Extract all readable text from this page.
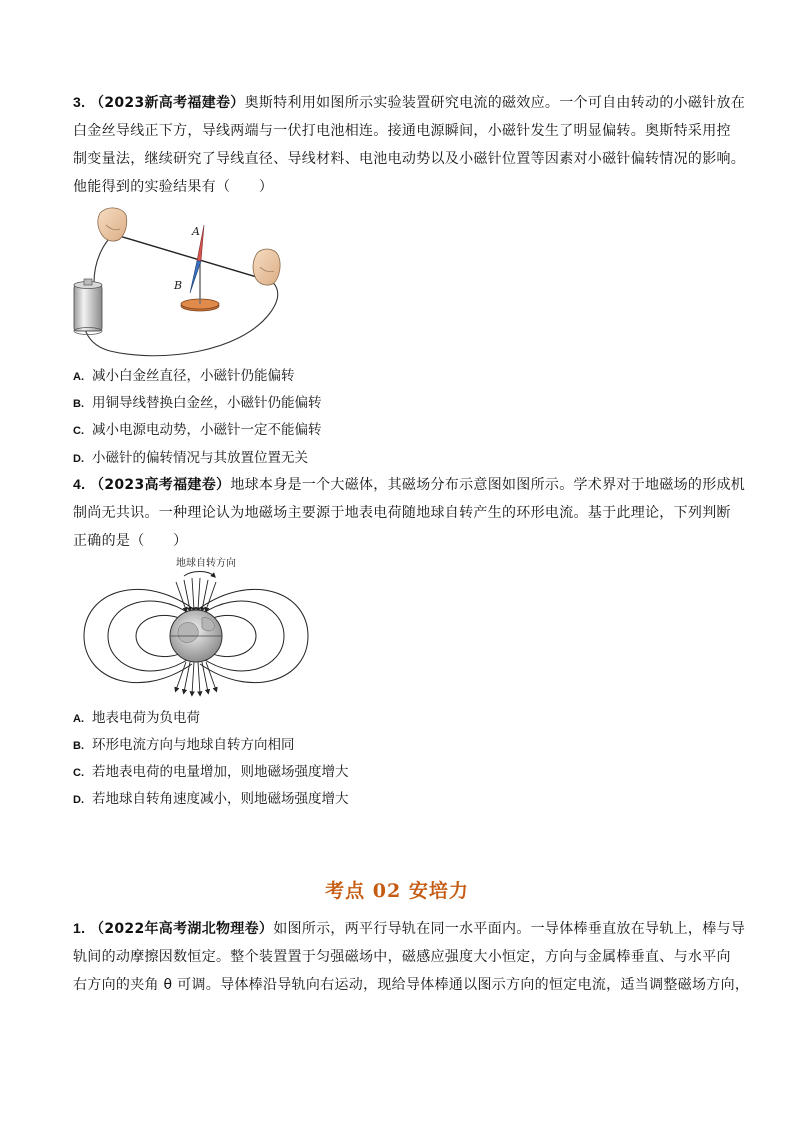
3. （2023新高考福建卷）奥斯特利用如图所示实验装置研究电流的磁效应。一个可自由转动的小磁针放在
白金丝导线正下方，导线两端与一伏打电池相连。接通电源瞬间，小磁针发生了明显偏转。奥斯特采用控
制变量法，继续研究了导线直径、导线材料、电池电动势以及小磁针位置等因素对小磁针偏转情况的影响。
他能得到的实验结果有（　　）
A
B
A. 减小白金丝直径，小磁针仍能偏转
B. 用铜导线替换白金丝，小磁针仍能偏转
C. 减小电源电动势，小磁针一定不能偏转
D. 小磁针的偏转情况与其放置位置无关
4. （2023高考福建卷）地球本身是一个大磁体，其磁场分布示意图如图所示。学术界对于地磁场的形成机
制尚无共识。一种理论认为地磁场主要源于地表电荷随地球自转产生的环形电流。基于此理论，下列判断
正确的是（　　）
地球自转方向
A. 地表电荷为负电荷
B. 环形电流方向与地球自转方向相同
C. 若地表电荷的电量增加，则地磁场强度增大
D. 若地球自转角速度减小，则地磁场强度增大
考点 02 安培力
1. （2022年高考湖北物理卷）如图所示，两平行导轨在同一水平面内。一导体棒垂直放在导轨上，棒与导
轨间的动摩擦因数恒定。整个装置置于匀强磁场中，磁感应强度大小恒定，方向与金属棒垂直、与水平向
右方向的夹角 θ 可调。导体棒沿导轨向右运动，现给导体棒通以图示方向的恒定电流，适当调整磁场方向，
